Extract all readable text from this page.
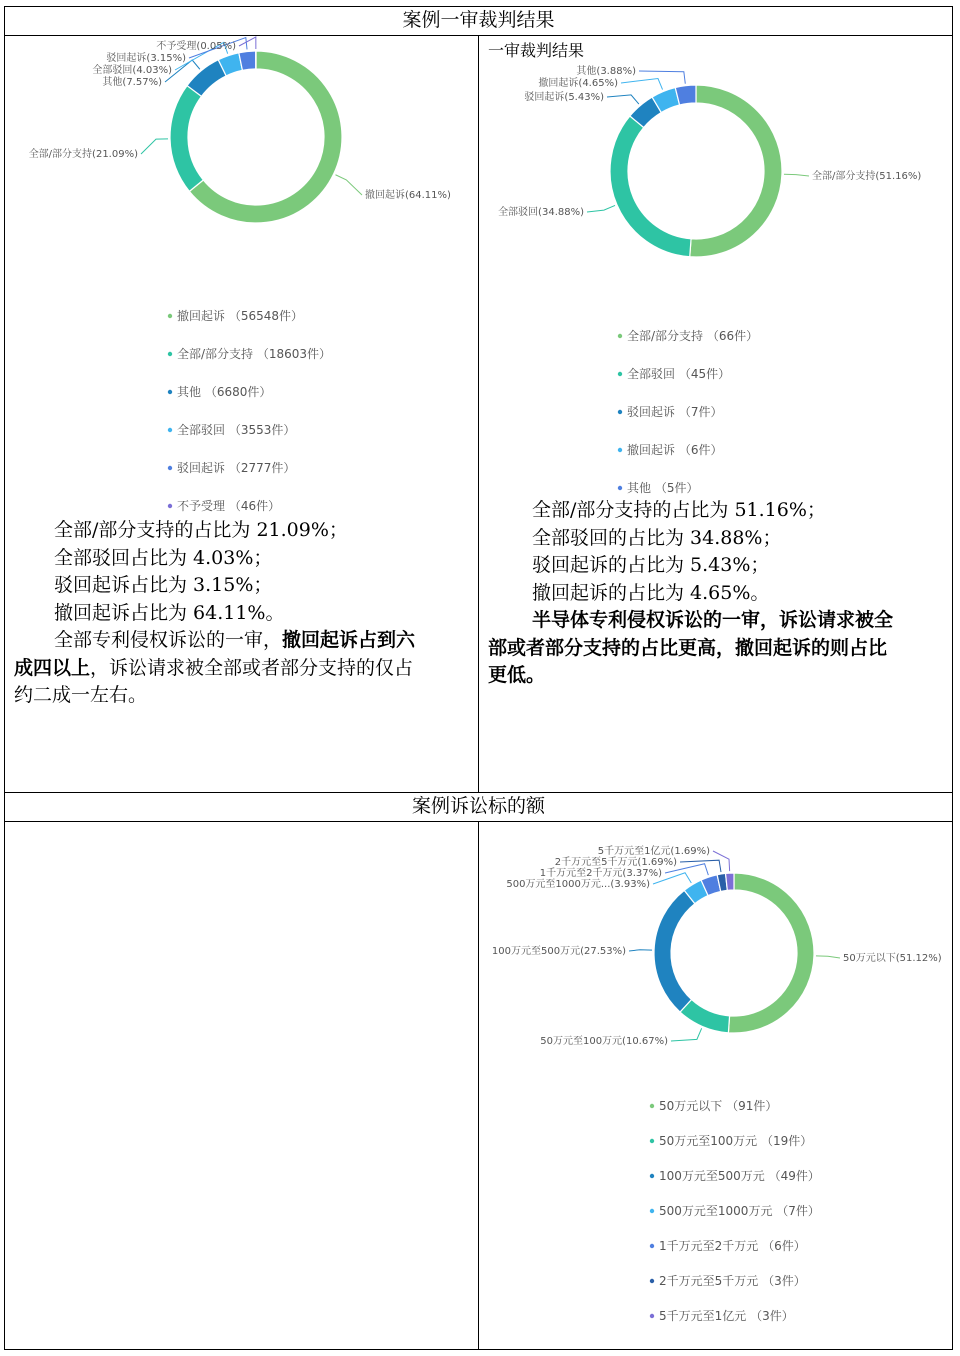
案例一审裁判结果
案例诉讼标的额
一审裁判结果
撤回起诉(64.11%)
全部/部分支持(21.09%)
其他(7.57%)
全部驳回(4.03%)
驳回起诉(3.15%)
不予受理(0.05%)
撤回起诉 （56548件）
全部/部分支持 （18603件）
其他 （6680件）
全部驳回 （3553件）
驳回起诉 （2777件）
不予受理 （46件）
全部/部分支持(51.16%)
全部驳回(34.88%)
驳回起诉(5.43%)
撤回起诉(4.65%)
其他(3.88%)
全部/部分支持 （66件）
全部驳回 （45件）
驳回起诉 （7件）
撤回起诉 （6件）
其他 （5件）
50万元以下(51.12%)
50万元至100万元(10.67%)
100万元至500万元(27.53%)
500万元至1000万元...(3.93%)
1千万元至2千万元(3.37%)
2千万元至5千万元(1.69%)
5千万元至1亿元(1.69%)
50万元以下 （91件）
50万元至100万元 （19件）
100万元至500万元 （49件）
500万元至1000万元 （7件）
1千万元至2千万元 （6件）
2千万元至5千万元 （3件）
5千万元至1亿元 （3件）
全部/部分支持的占比为 21.09%；
全部驳回占比为 4.03%；
驳回起诉占比为 3.15%；
撤回起诉占比为 64.11%。
全部专利侵权诉讼的一审，撤回起诉占到六
成四以上，诉讼请求被全部或者部分支持的仅占
约二成一左右。
全部/部分支持的占比为 51.16%；
全部驳回的占比为 34.88%；
驳回起诉的占比为 5.43%；
撤回起诉的占比为 4.65%。
半导体专利侵权诉讼的一审，诉讼请求被全
部或者部分支持的占比更高，撤回起诉的则占比
更低。
